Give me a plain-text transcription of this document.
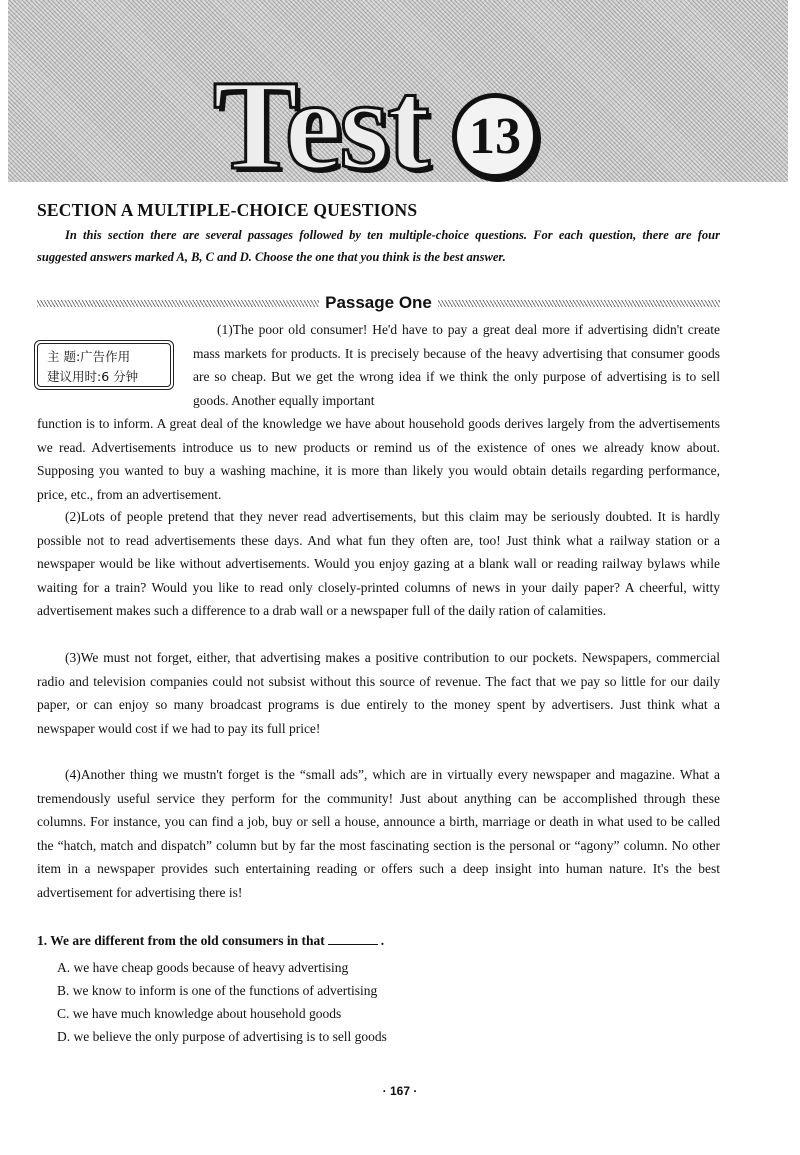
Test 13
SECTION A MULTIPLE-CHOICE QUESTIONS
In this section there are several passages followed by ten multiple-choice questions. For each question, there are four suggested answers marked A, B, C and D. Choose the one that you think is the best answer.
Passage One
主 题:广告作用
建议用时:6 分钟
(1)The poor old consumer! He'd have to pay a great deal more if advertising didn't create mass markets for products. It is precisely because of the heavy advertising that consumer goods are so cheap. But we get the wrong idea if we think the only purpose of advertising is to sell goods. Another equally important
function is to inform. A great deal of the knowledge we have about household goods derives largely from the advertisements we read. Advertisements introduce us to new products or remind us of the existence of ones we already know about. Supposing you wanted to buy a washing machine, it is more than likely you would obtain details regarding performance, price, etc., from an advertisement.
(2)Lots of people pretend that they never read advertisements, but this claim may be seriously doubted. It is hardly possible not to read advertisements these days. And what fun they often are, too! Just think what a railway station or a newspaper would be like without advertisements. Would you enjoy gazing at a blank wall or reading railway bylaws while waiting for a train? Would you like to read only closely-printed columns of news in your daily paper? A cheerful, witty advertisement makes such a difference to a drab wall or a newspaper full of the daily ration of calamities.
(3)We must not forget, either, that advertising makes a positive contribution to our pockets. Newspapers, commercial radio and television companies could not subsist without this source of revenue. The fact that we pay so little for our daily paper, or can enjoy so many broadcast programs is due entirely to the money spent by advertisers. Just think what a newspaper would cost if we had to pay its full price!
(4)Another thing we mustn't forget is the “small ads”, which are in virtually every newspaper and magazine. What a tremendously useful service they perform for the community! Just about anything can be accomplished through these columns. For instance, you can find a job, buy or sell a house, announce a birth, marriage or death in what used to be called the “hatch, match and dispatch” column but by far the most fascinating section is the personal or “agony” column. No other item in a newspaper provides such entertaining reading or offers such a deep insight into human nature. It's the best advertisement for advertising there is!
1. We are different from the old consumers in that	.
A. we have cheap goods because of heavy advertising
B. we know to inform is one of the functions of advertising
C. we have much knowledge about household goods
D. we believe the only purpose of advertising is to sell goods
· 167 ·
